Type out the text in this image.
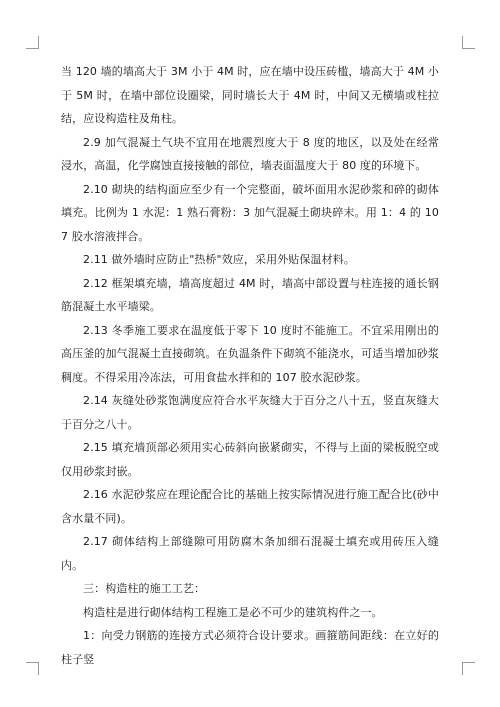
当 120 墙的墙高大于 3M 小于 4M 时，应在墙中设压砖槛，墙高大于 4M 小于 5M 时，在墙中部位设圈梁，同时墙长大于 4M 时，中间又无横墙或柱拉结，应设构造柱及角柱。

2.9 加气混凝土气块不宜用在地震烈度大于 8 度的地区，以及处在经常浸水，高温，化学腐蚀直接接触的部位，墙表面温度大于 80 度的环境下。

2.10 砌块的结构面应至少有一个完整面，破坏面用水泥砂浆和碎的砌体填充。比例为 1 水泥：1 熟石膏粉：3 加气混凝土砌块碎末。用 1：4 的 107 胶水溶液拌合。

2.11 做外墙时应防止"热桥"效应，采用外贴保温材料。

2.12 框架填充墙，墙高度超过 4M 时，墙高中部设置与柱连接的通长钢筋混凝土水平墙梁。

2.13 冬季施工要求在温度低于零下 10 度时不能施工。不宜采用刚出的高压釜的加气混凝土直接砌筑。在负温条件下砌筑不能浇水，可适当增加砂浆稠度。不得采用冷冻法，可用食盐水拌和的 107 胶水泥砂浆。

2.14 灰缝处砂浆饱满度应符合水平灰缝大于百分之八十五，竖直灰缝大于百分之八十。

2.15 填充墙顶部必须用实心砖斜向嵌紧砌实，不得与上面的梁板脱空或仅用砂浆封嵌。

2.16 水泥砂浆应在理论配合比的基础上按实际情况进行施工配合比(砂中含水量不同)。

2.17 砌体结构上部缝隙可用防腐木条加细石混凝土填充或用砖压入缝内。

三：构造柱的施工工艺：

构造柱是进行砌体结构工程施工是必不可少的建筑构件之一。

1：向受力钢筋的连接方式必须符合设计要求。画箍筋间距线：在立好的柱子竖
